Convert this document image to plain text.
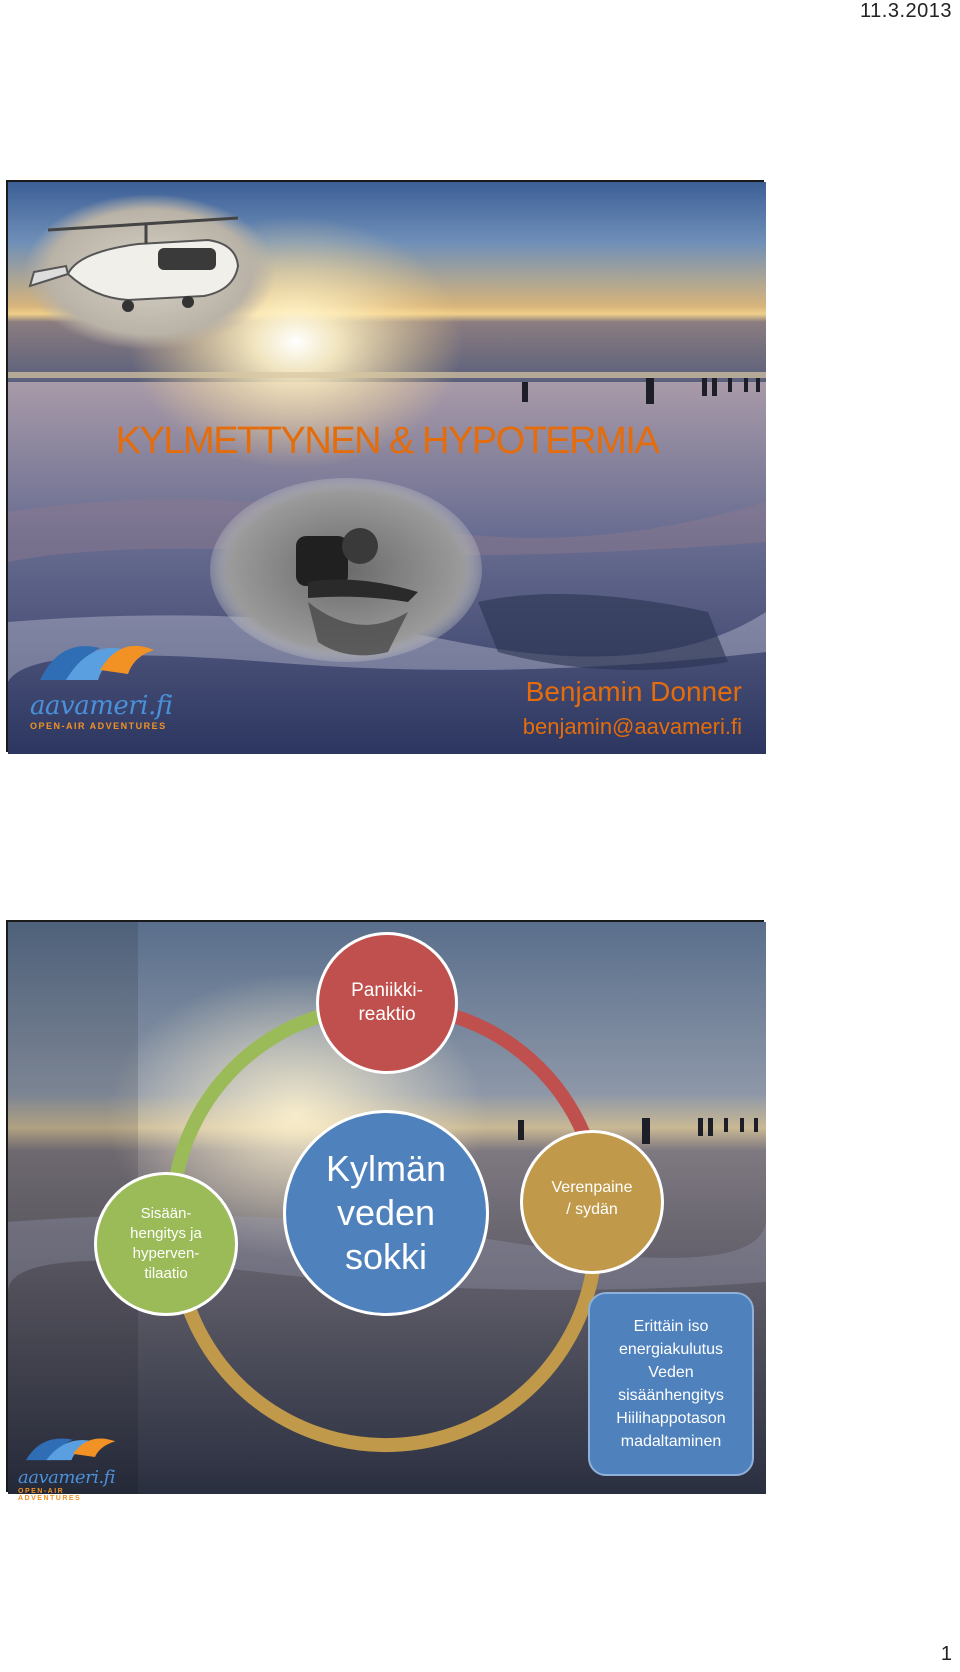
11.3.2013
KYLMETTYNEN & HYPOTERMIA
aavameri.fi
OPEN-AIR ADVENTURES
Benjamin Donner
benjamin@aavameri.fi
Paniikki-
reaktio
Kylmän
veden
sokki
Sisään-
hengitys ja
hyperven-
tilaatio
Verenpaine
/ sydän
Erittäin iso
energiakulutus
Veden
sisäänhengitys
Hiilihappotason
madaltaminen
aavameri.fi
OPEN-AIR ADVENTURES
1
